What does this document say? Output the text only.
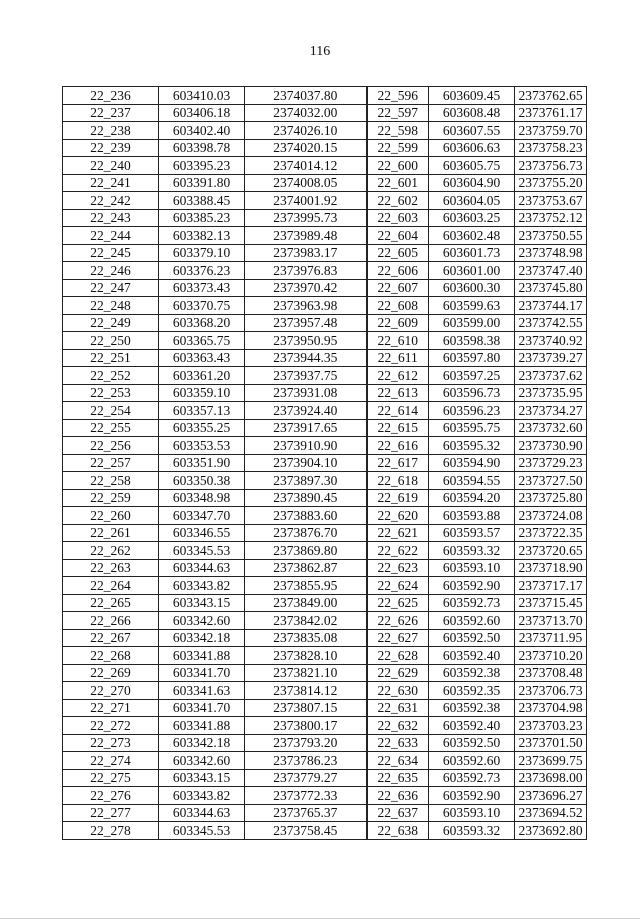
116
22_236	603410.03	2374037.80	22_596	603609.45	2373762.65
22_237	603406.18	2374032.00	22_597	603608.48	2373761.17
22_238	603402.40	2374026.10	22_598	603607.55	2373759.70
22_239	603398.78	2374020.15	22_599	603606.63	2373758.23
22_240	603395.23	2374014.12	22_600	603605.75	2373756.73
22_241	603391.80	2374008.05	22_601	603604.90	2373755.20
22_242	603388.45	2374001.92	22_602	603604.05	2373753.67
22_243	603385.23	2373995.73	22_603	603603.25	2373752.12
22_244	603382.13	2373989.48	22_604	603602.48	2373750.55
22_245	603379.10	2373983.17	22_605	603601.73	2373748.98
22_246	603376.23	2373976.83	22_606	603601.00	2373747.40
22_247	603373.43	2373970.42	22_607	603600.30	2373745.80
22_248	603370.75	2373963.98	22_608	603599.63	2373744.17
22_249	603368.20	2373957.48	22_609	603599.00	2373742.55
22_250	603365.75	2373950.95	22_610	603598.38	2373740.92
22_251	603363.43	2373944.35	22_611	603597.80	2373739.27
22_252	603361.20	2373937.75	22_612	603597.25	2373737.62
22_253	603359.10	2373931.08	22_613	603596.73	2373735.95
22_254	603357.13	2373924.40	22_614	603596.23	2373734.27
22_255	603355.25	2373917.65	22_615	603595.75	2373732.60
22_256	603353.53	2373910.90	22_616	603595.32	2373730.90
22_257	603351.90	2373904.10	22_617	603594.90	2373729.23
22_258	603350.38	2373897.30	22_618	603594.55	2373727.50
22_259	603348.98	2373890.45	22_619	603594.20	2373725.80
22_260	603347.70	2373883.60	22_620	603593.88	2373724.08
22_261	603346.55	2373876.70	22_621	603593.57	2373722.35
22_262	603345.53	2373869.80	22_622	603593.32	2373720.65
22_263	603344.63	2373862.87	22_623	603593.10	2373718.90
22_264	603343.82	2373855.95	22_624	603592.90	2373717.17
22_265	603343.15	2373849.00	22_625	603592.73	2373715.45
22_266	603342.60	2373842.02	22_626	603592.60	2373713.70
22_267	603342.18	2373835.08	22_627	603592.50	2373711.95
22_268	603341.88	2373828.10	22_628	603592.40	2373710.20
22_269	603341.70	2373821.10	22_629	603592.38	2373708.48
22_270	603341.63	2373814.12	22_630	603592.35	2373706.73
22_271	603341.70	2373807.15	22_631	603592.38	2373704.98
22_272	603341.88	2373800.17	22_632	603592.40	2373703.23
22_273	603342.18	2373793.20	22_633	603592.50	2373701.50
22_274	603342.60	2373786.23	22_634	603592.60	2373699.75
22_275	603343.15	2373779.27	22_635	603592.73	2373698.00
22_276	603343.82	2373772.33	22_636	603592.90	2373696.27
22_277	603344.63	2373765.37	22_637	603593.10	2373694.52
22_278	603345.53	2373758.45	22_638	603593.32	2373692.80
